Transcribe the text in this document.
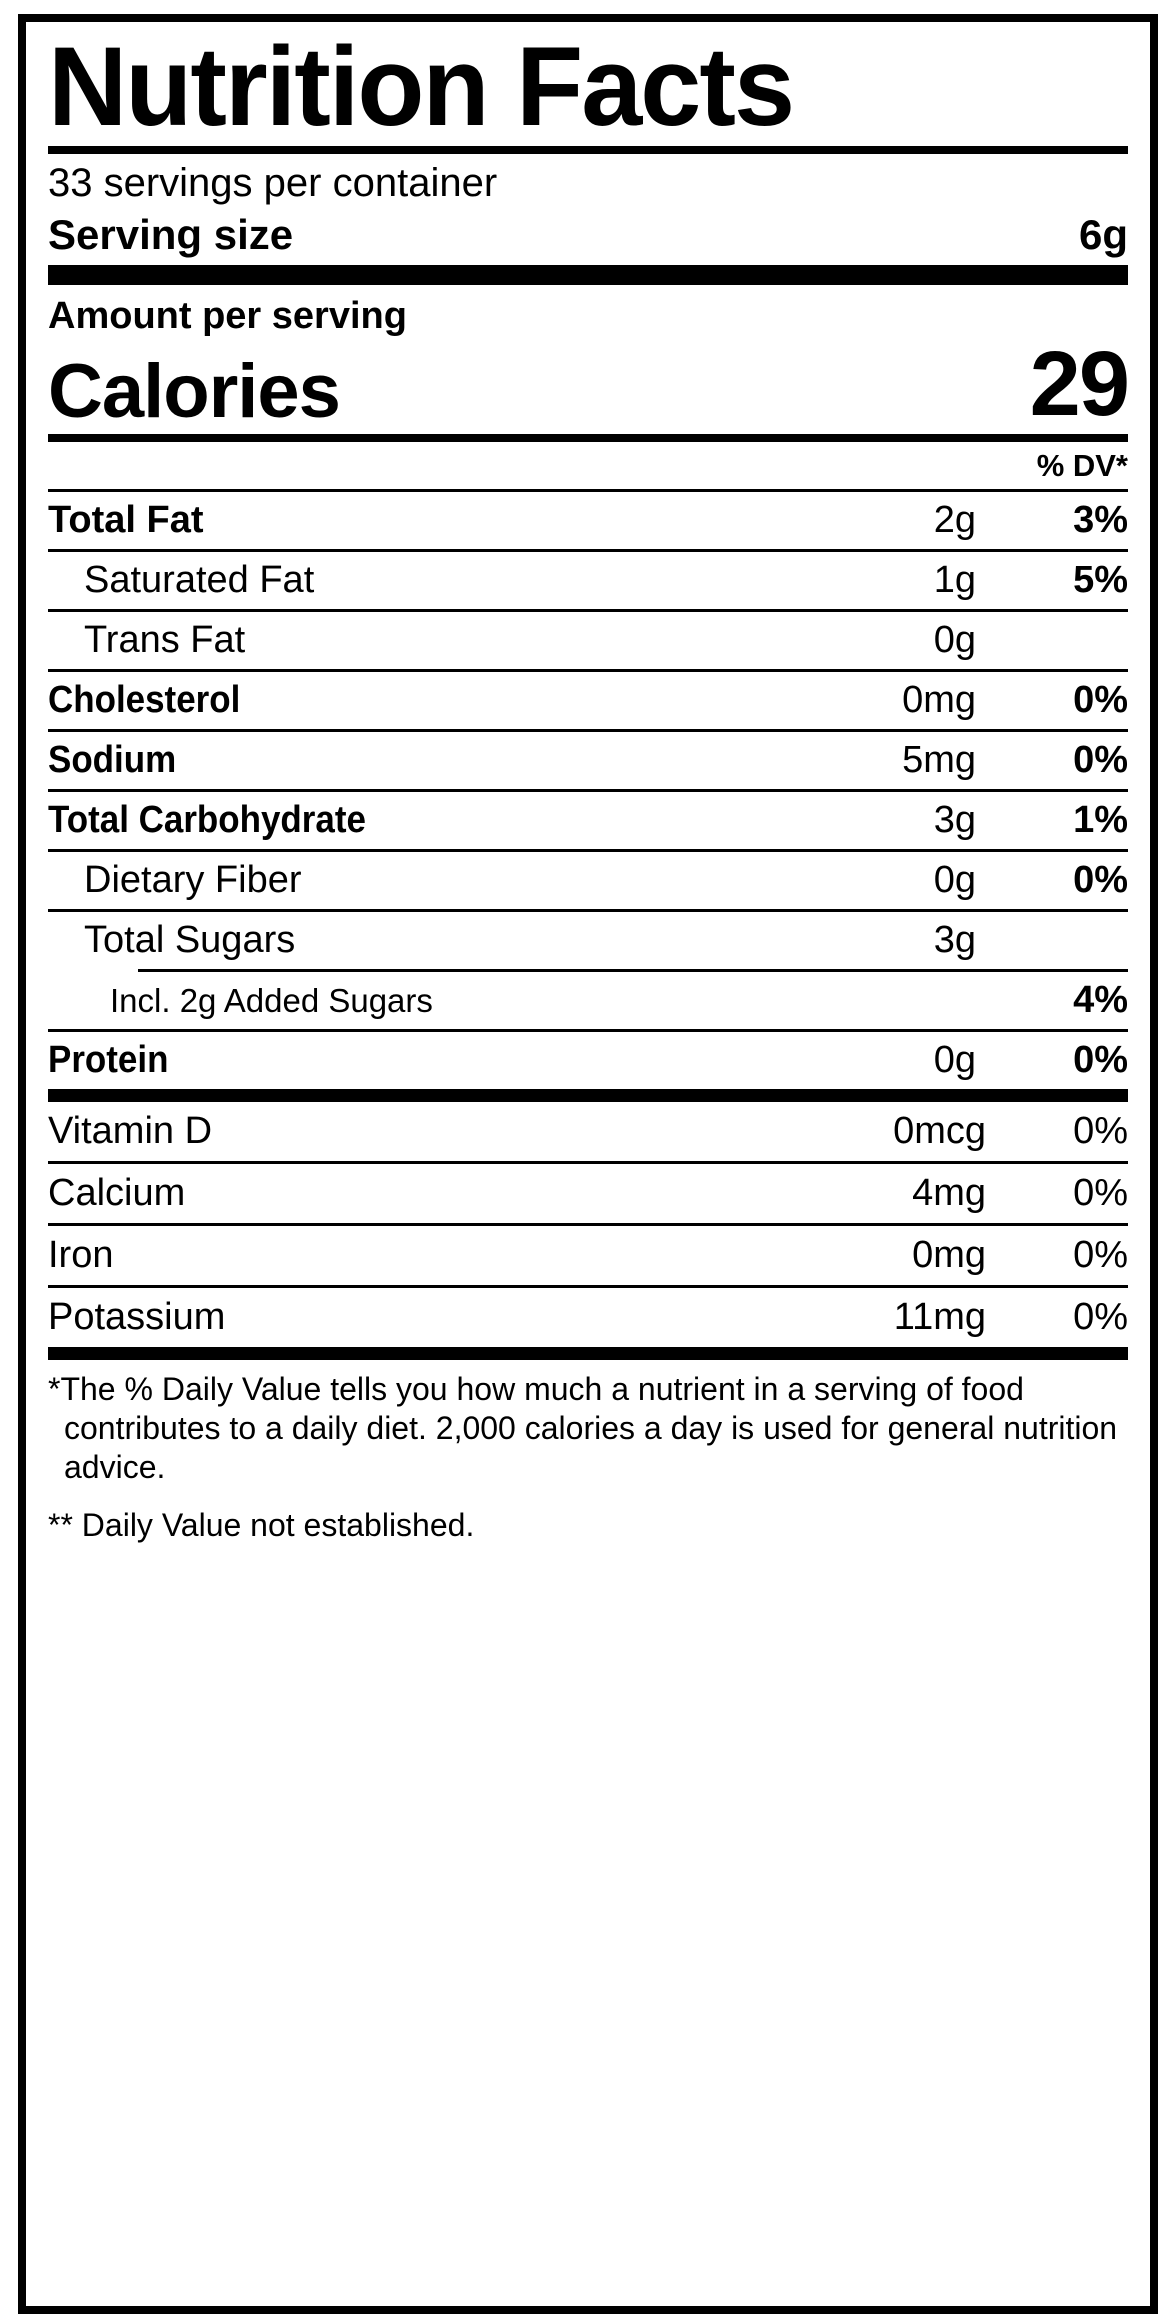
Nutrition Facts
33 servings per container
Serving size	6g
Amount per serving
Calories	29
% DV*
Total Fat	2g	3%
Saturated Fat	1g	5%
Trans Fat	0g
Cholesterol	0mg	0%
Sodium	5mg	0%
Total Carbohydrate	3g	1%
Dietary Fiber	0g	0%
Total Sugars	3g
Incl. 2g Added Sugars	4%
Protein	0g	0%
Vitamin D	0mcg	0%
Calcium	4mg	0%
Iron	0mg	0%
Potassium	11mg	0%
*The % Daily Value tells you how much a nutrient in a serving of food contributes to a daily diet. 2,000 calories a day is used for general nutrition advice.
** Daily Value not established.
